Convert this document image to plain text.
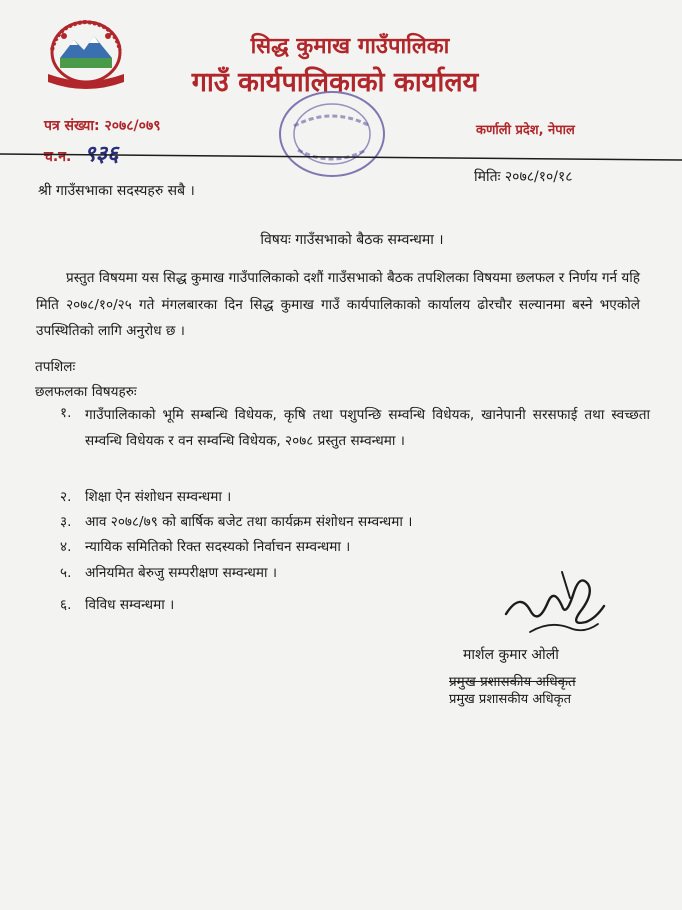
सिद्ध कुमाख गाउँपालिका
गाउँ कार्यपालिकाको कार्यालय
पत्र संख्या: २०७८/०७९
च.न. ९३६
कर्णाली प्रदेश, नेपाल
मितिः २०७८/१०/१८
श्री गाउँसभाका सदस्यहरु सबै ।
विषयः गाउँसभाको बैठक सम्वन्धमा ।
प्रस्तुत विषयमा यस सिद्ध कुमाख गाउँपालिकाको दशौं गाउँसभाको बैठक तपशिलका विषयमा छलफल र निर्णय गर्न यहि मिति २०७८/१०/२५ गते मंगलबारका दिन सिद्ध कुमाख गाउँ कार्यपालिकाको कार्यालय ढोरचौर सल्यानमा बस्ने भएकोले उपस्थितिको लागि अनुरोध छ ।
तपशिलः
छलफलका विषयहरुः
१. गाउँपालिकाको भूमि सम्बन्धि विधेयक, कृषि तथा पशुपन्छि सम्वन्धि विधेयक, खानेपानी सरसफाई तथा स्वच्छता सम्वन्धि विधेयक र वन सम्वन्धि विधेयक, २०७८ प्रस्तुत सम्वन्धमा ।
२. शिक्षा ऐन संशोधन सम्वन्धमा ।
३. आव २०७८/७९ को बार्षिक बजेट तथा कार्यक्रम संशोधन सम्वन्धमा ।
४. न्यायिक समितिको रिक्त सदस्यको निर्वाचन सम्वन्धमा ।
५. अनियमित बेरुजु सम्परीक्षण सम्वन्धमा ।
६. विविध सम्वन्धमा ।
मार्शल कुमार ओली
प्रमुख प्रशासकीय अधिकृत
प्रमुख प्रशासकीय अधिकृत
